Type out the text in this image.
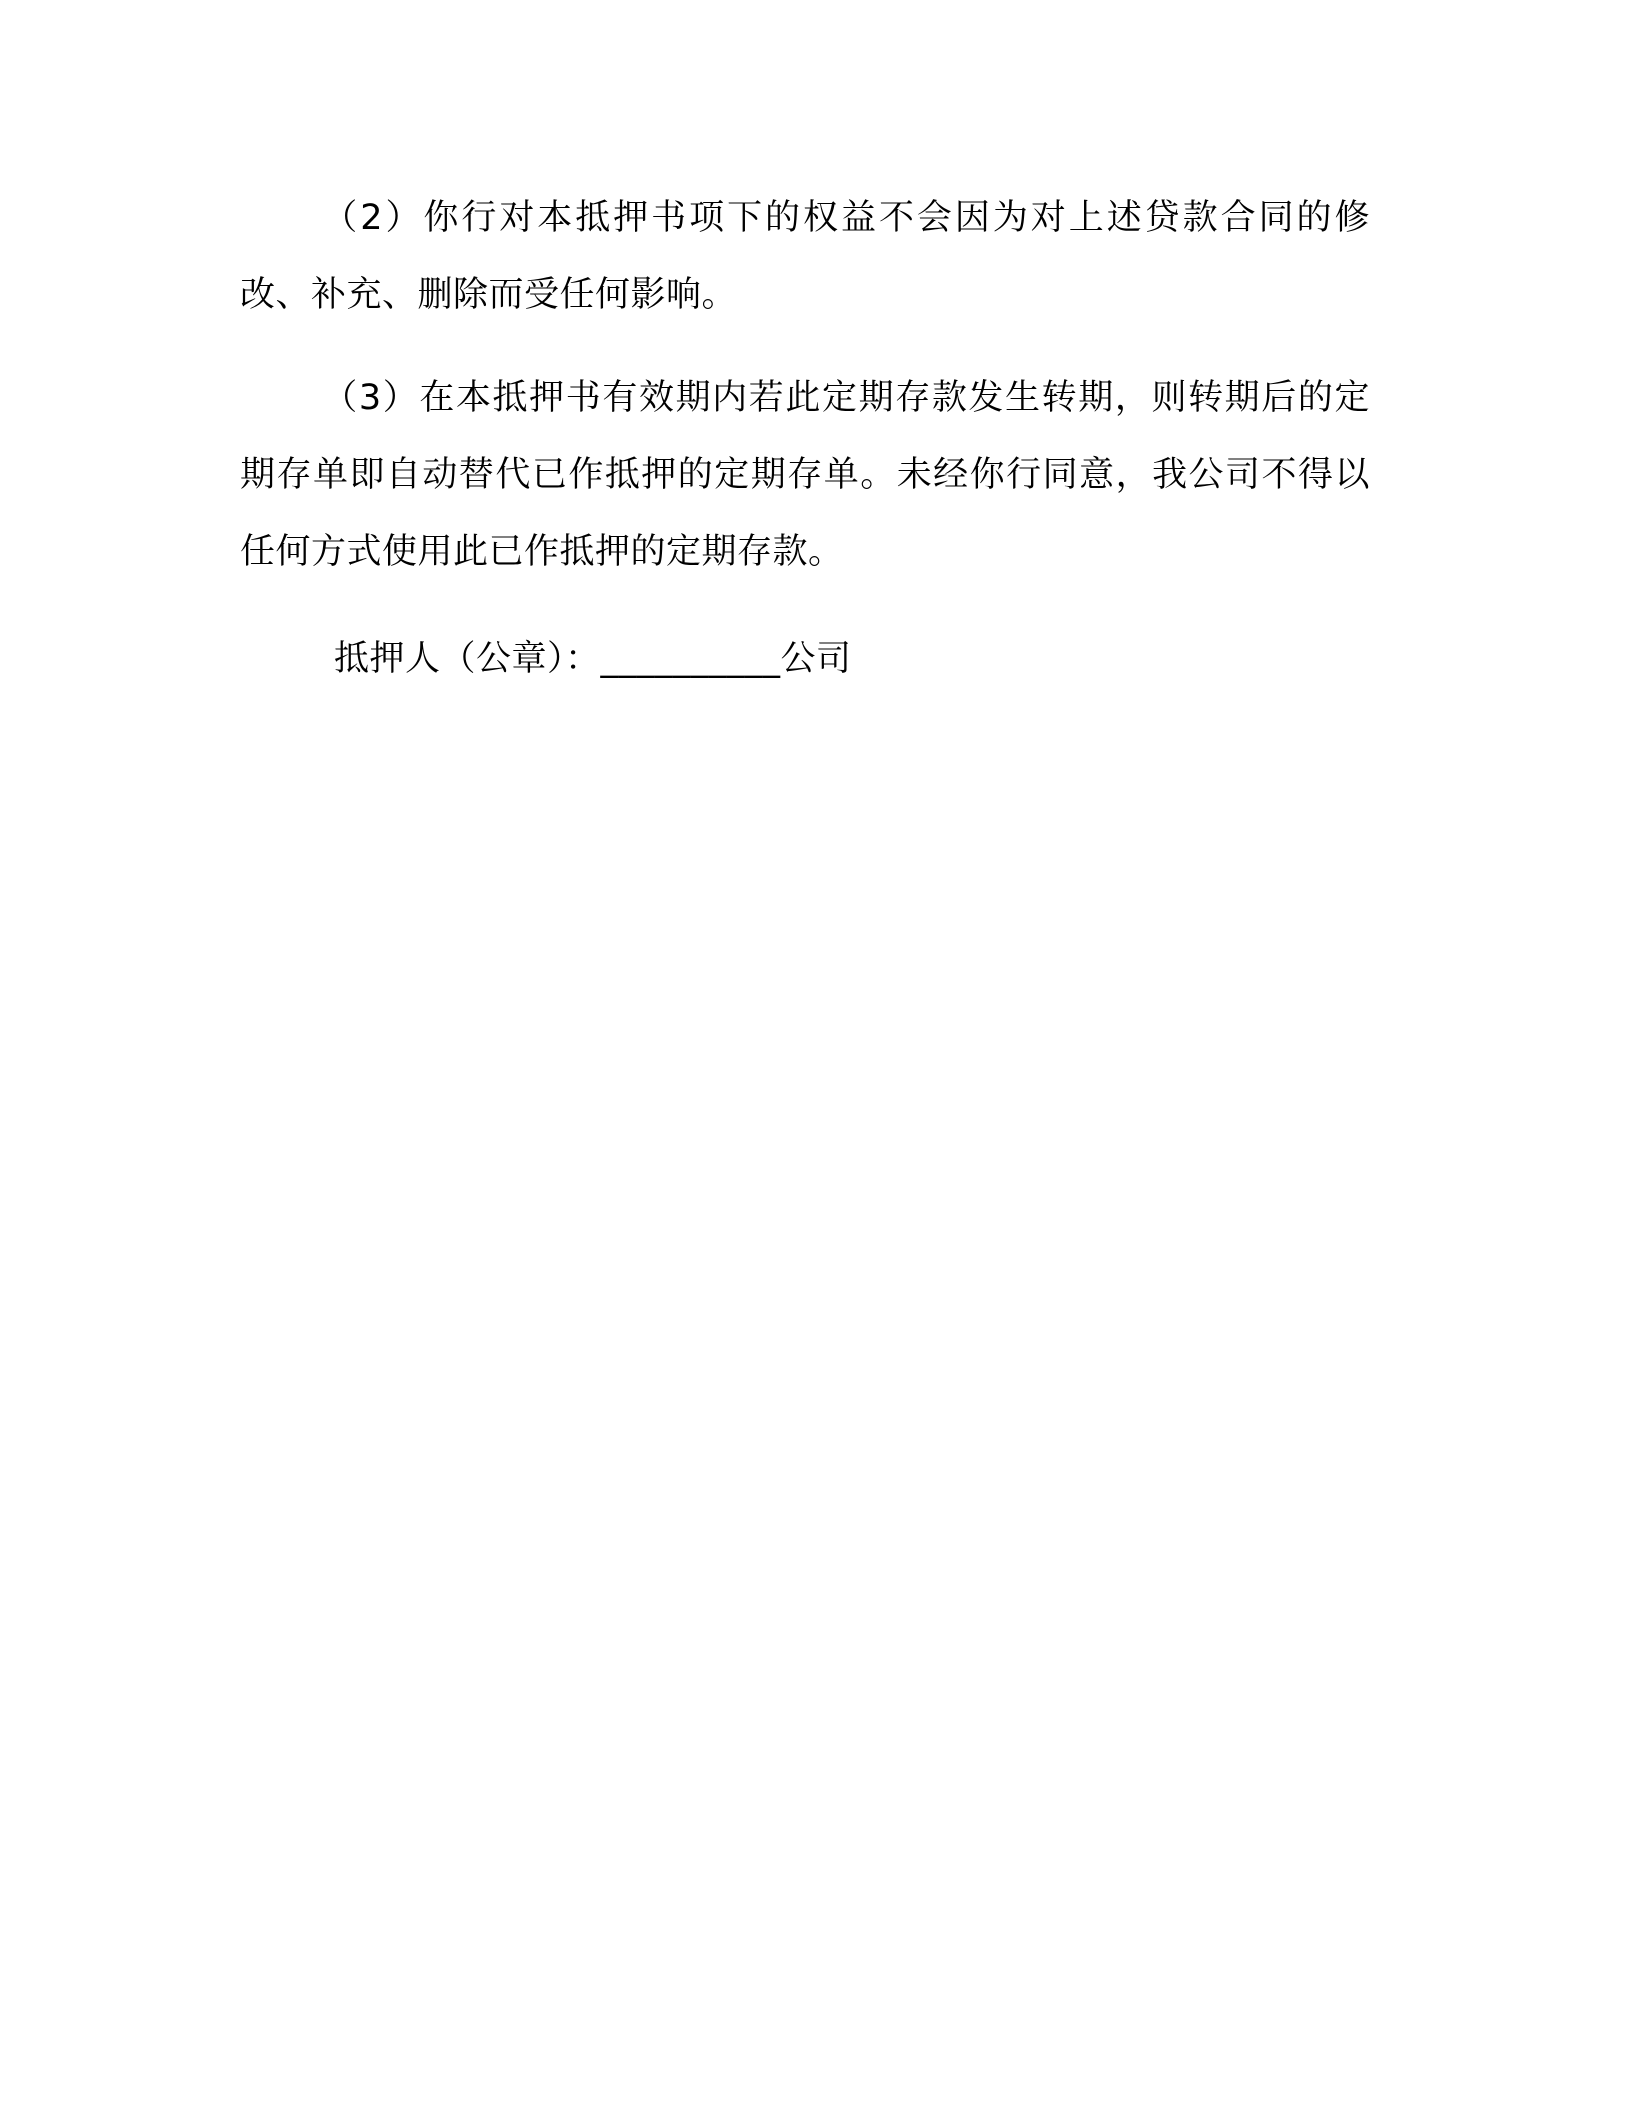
（2）你行对本抵押书项下的权益不会因为对上述贷款合同的修改、补充、删除而受任何影响。

（3）在本抵押书有效期内若此定期存款发生转期，则转期后的定期存单即自动替代已作抵押的定期存单。未经你行同意，我公司不得以任何方式使用此已作抵押的定期存款。

抵押人（公章）：__________公司
